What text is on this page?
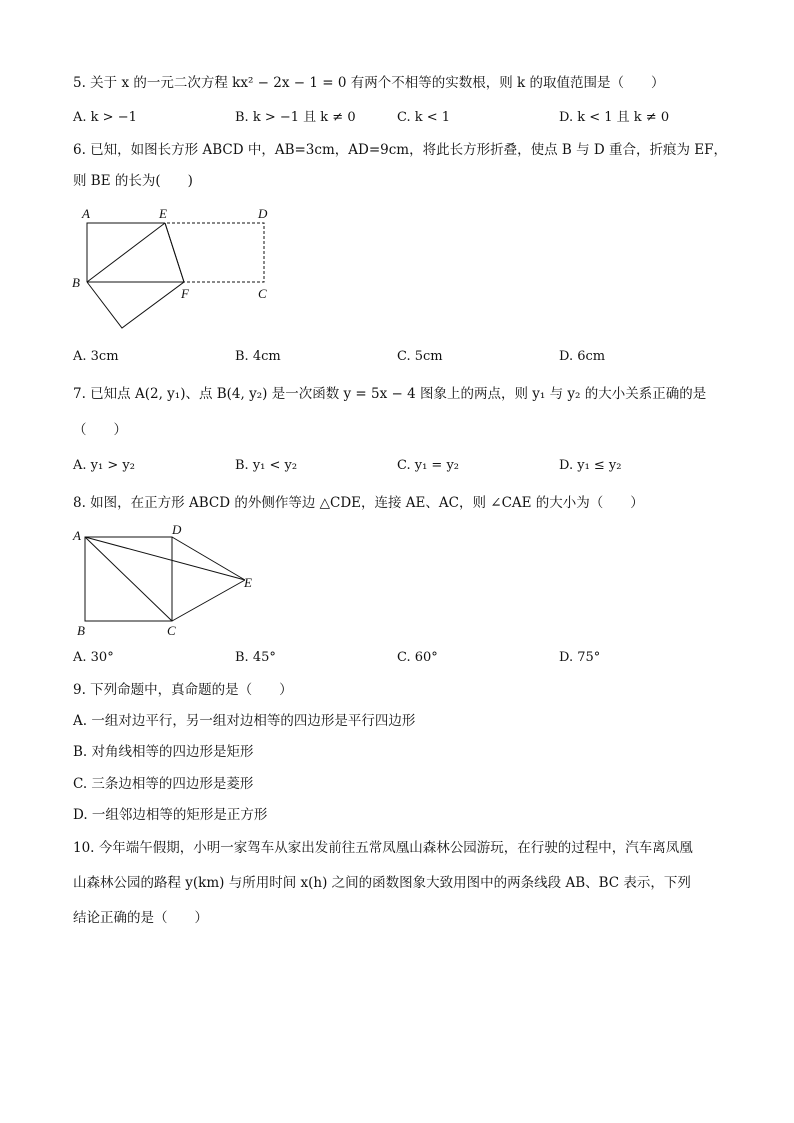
5. 关于 x 的一元二次方程 kx² − 2x − 1 = 0 有两个不相等的实数根，则 k 的取值范围是（　　）
A. k > −1	B. k > −1 且 k ≠ 0	C. k < 1	D. k < 1 且 k ≠ 0
6. 已知，如图长方形 ABCD 中，AB=3cm，AD=9cm，将此长方形折叠，使点 B 与 D 重合，折痕为 EF，
则 BE 的长为(　　)
A	E	D
B
F	C
A. 3cm	B. 4cm	C. 5cm	D. 6cm
7. 已知点 A(2, y₁)、点 B(4, y₂) 是一次函数 y = 5x − 4 图象上的两点，则 y₁ 与 y₂ 的大小关系正确的是
（　　）
A. y₁ > y₂	B. y₁ < y₂	C. y₁ = y₂	D. y₁ ≤ y₂
8. 如图，在正方形 ABCD 的外侧作等边 △CDE，连接 AE、AC，则 ∠CAE 的大小为（　　）
A	D
E
B	C
A. 30°	B. 45°	C. 60°	D. 75°
9. 下列命题中，真命题的是（　　）
A. 一组对边平行，另一组对边相等的四边形是平行四边形
B. 对角线相等的四边形是矩形
C. 三条边相等的四边形是菱形
D. 一组邻边相等的矩形是正方形
10. 今年端午假期，小明一家驾车从家出发前往五常凤凰山森林公园游玩，在行驶的过程中，汽车离凤凰
山森林公园的路程 y(km) 与所用时间 x(h) 之间的函数图象大致用图中的两条线段 AB、BC 表示，下列
结论正确的是（　　）
